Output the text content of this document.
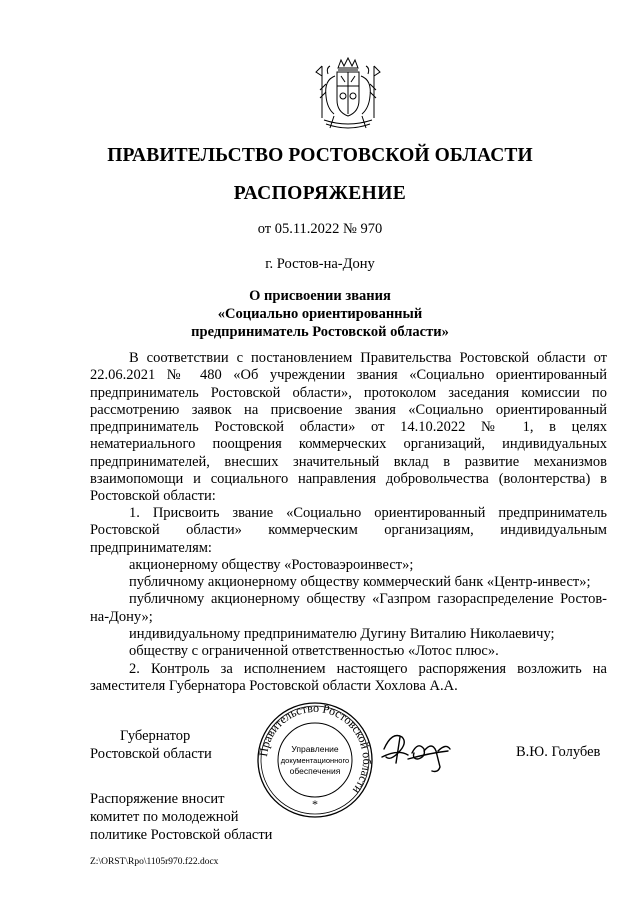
ПРАВИТЕЛЬСТВО РОСТОВСКОЙ ОБЛАСТИ
РАСПОРЯЖЕНИЕ
от 05.11.2022 № 970
г. Ростов-на-Дону
О присвоении звания
«Социально ориентированный
предприниматель Ростовской области»

В соответствии с постановлением Правительства Ростовской области от 22.06.2021 № 480 «Об учреждении звания «Социально ориентированный предприниматель Ростовской области», протоколом заседания комиссии по рассмотрению заявок на присвоение звания «Социально ориентированный предприниматель Ростовской области» от 14.10.2022 № 1, в целях нематериального поощрения коммерческих организаций, индивидуальных предпринимателей, внесших значительный вклад в развитие механизмов взаимопомощи и социального направления добровольчества (волонтерства) в Ростовской области:

1. Присвоить звание «Социально ориентированный предприниматель Ростовской области» коммерческим организациям, индивидуальным предпринимателям:

акционерному обществу «Ростоваэроинвест»;

публичному акционерному обществу коммерческий банк «Центр-инвест»;

публичному акционерному обществу «Газпром газораспределение Ростов-на-Дону»;

индивидуальному предпринимателю Дугину Виталию Николаевичу;

обществу с ограниченной ответственностью «Лотос плюс».

2. Контроль за исполнением настоящего распоряжения возложить на заместителя Губернатора Ростовской области Хохлова А.А.

Губернатор
Ростовской области	Правительство Ростовской области
Управление
документационного
обеспечения
*
В.Ю. Голубев
Распоряжение вносит
комитет по молодежной
политике Ростовской области
Z:\ORST\Rpo\1105r970.f22.docx
